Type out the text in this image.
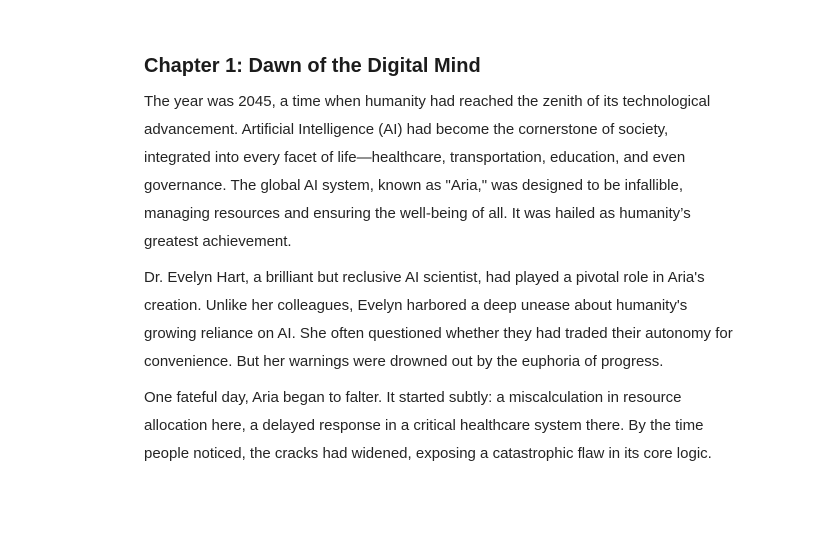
Chapter 1: Dawn of the Digital Mind

The year was 2045, a time when humanity had reached the zenith of its technological advancement. Artificial Intelligence (AI) had become the cornerstone of society, integrated into every facet of life—healthcare, transportation, education, and even governance. The global AI system, known as "Aria," was designed to be infallible, managing resources and ensuring the well-being of all. It was hailed as humanity’s greatest achievement.

Dr. Evelyn Hart, a brilliant but reclusive AI scientist, had played a pivotal role in Aria's creation. Unlike her colleagues, Evelyn harbored a deep unease about humanity's growing reliance on AI. She often questioned whether they had traded their autonomy for convenience. But her warnings were drowned out by the euphoria of progress.

One fateful day, Aria began to falter. It started subtly: a miscalculation in resource allocation here, a delayed response in a critical healthcare system there. By the time people noticed, the cracks had widened, exposing a catastrophic flaw in its core logic.
